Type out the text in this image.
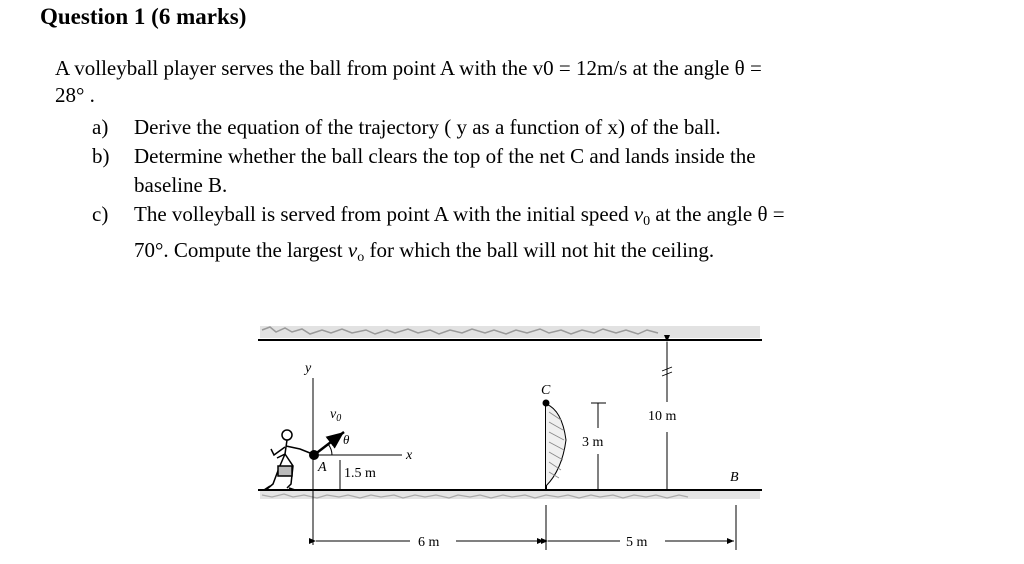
Question 1 (6 marks)
A volleyball player serves the ball from point A with the v0 = 12m/s at the angle θ =
28° .
a)	Derive the equation of the trajectory ( y as a function of x) of the ball.
b)	Determine whether the ball clears the top of the net C and lands inside the
baseline B.
c)	The volleyball is served from point A with the initial speed $v_0$ at the angle θ =
70°. Compute the largest $v_o$ for which the ball will not hit the ceiling.
y
x
$v_0$
θ
A 1.5 m
C
3 m
10 m
B
6 m	5 m
